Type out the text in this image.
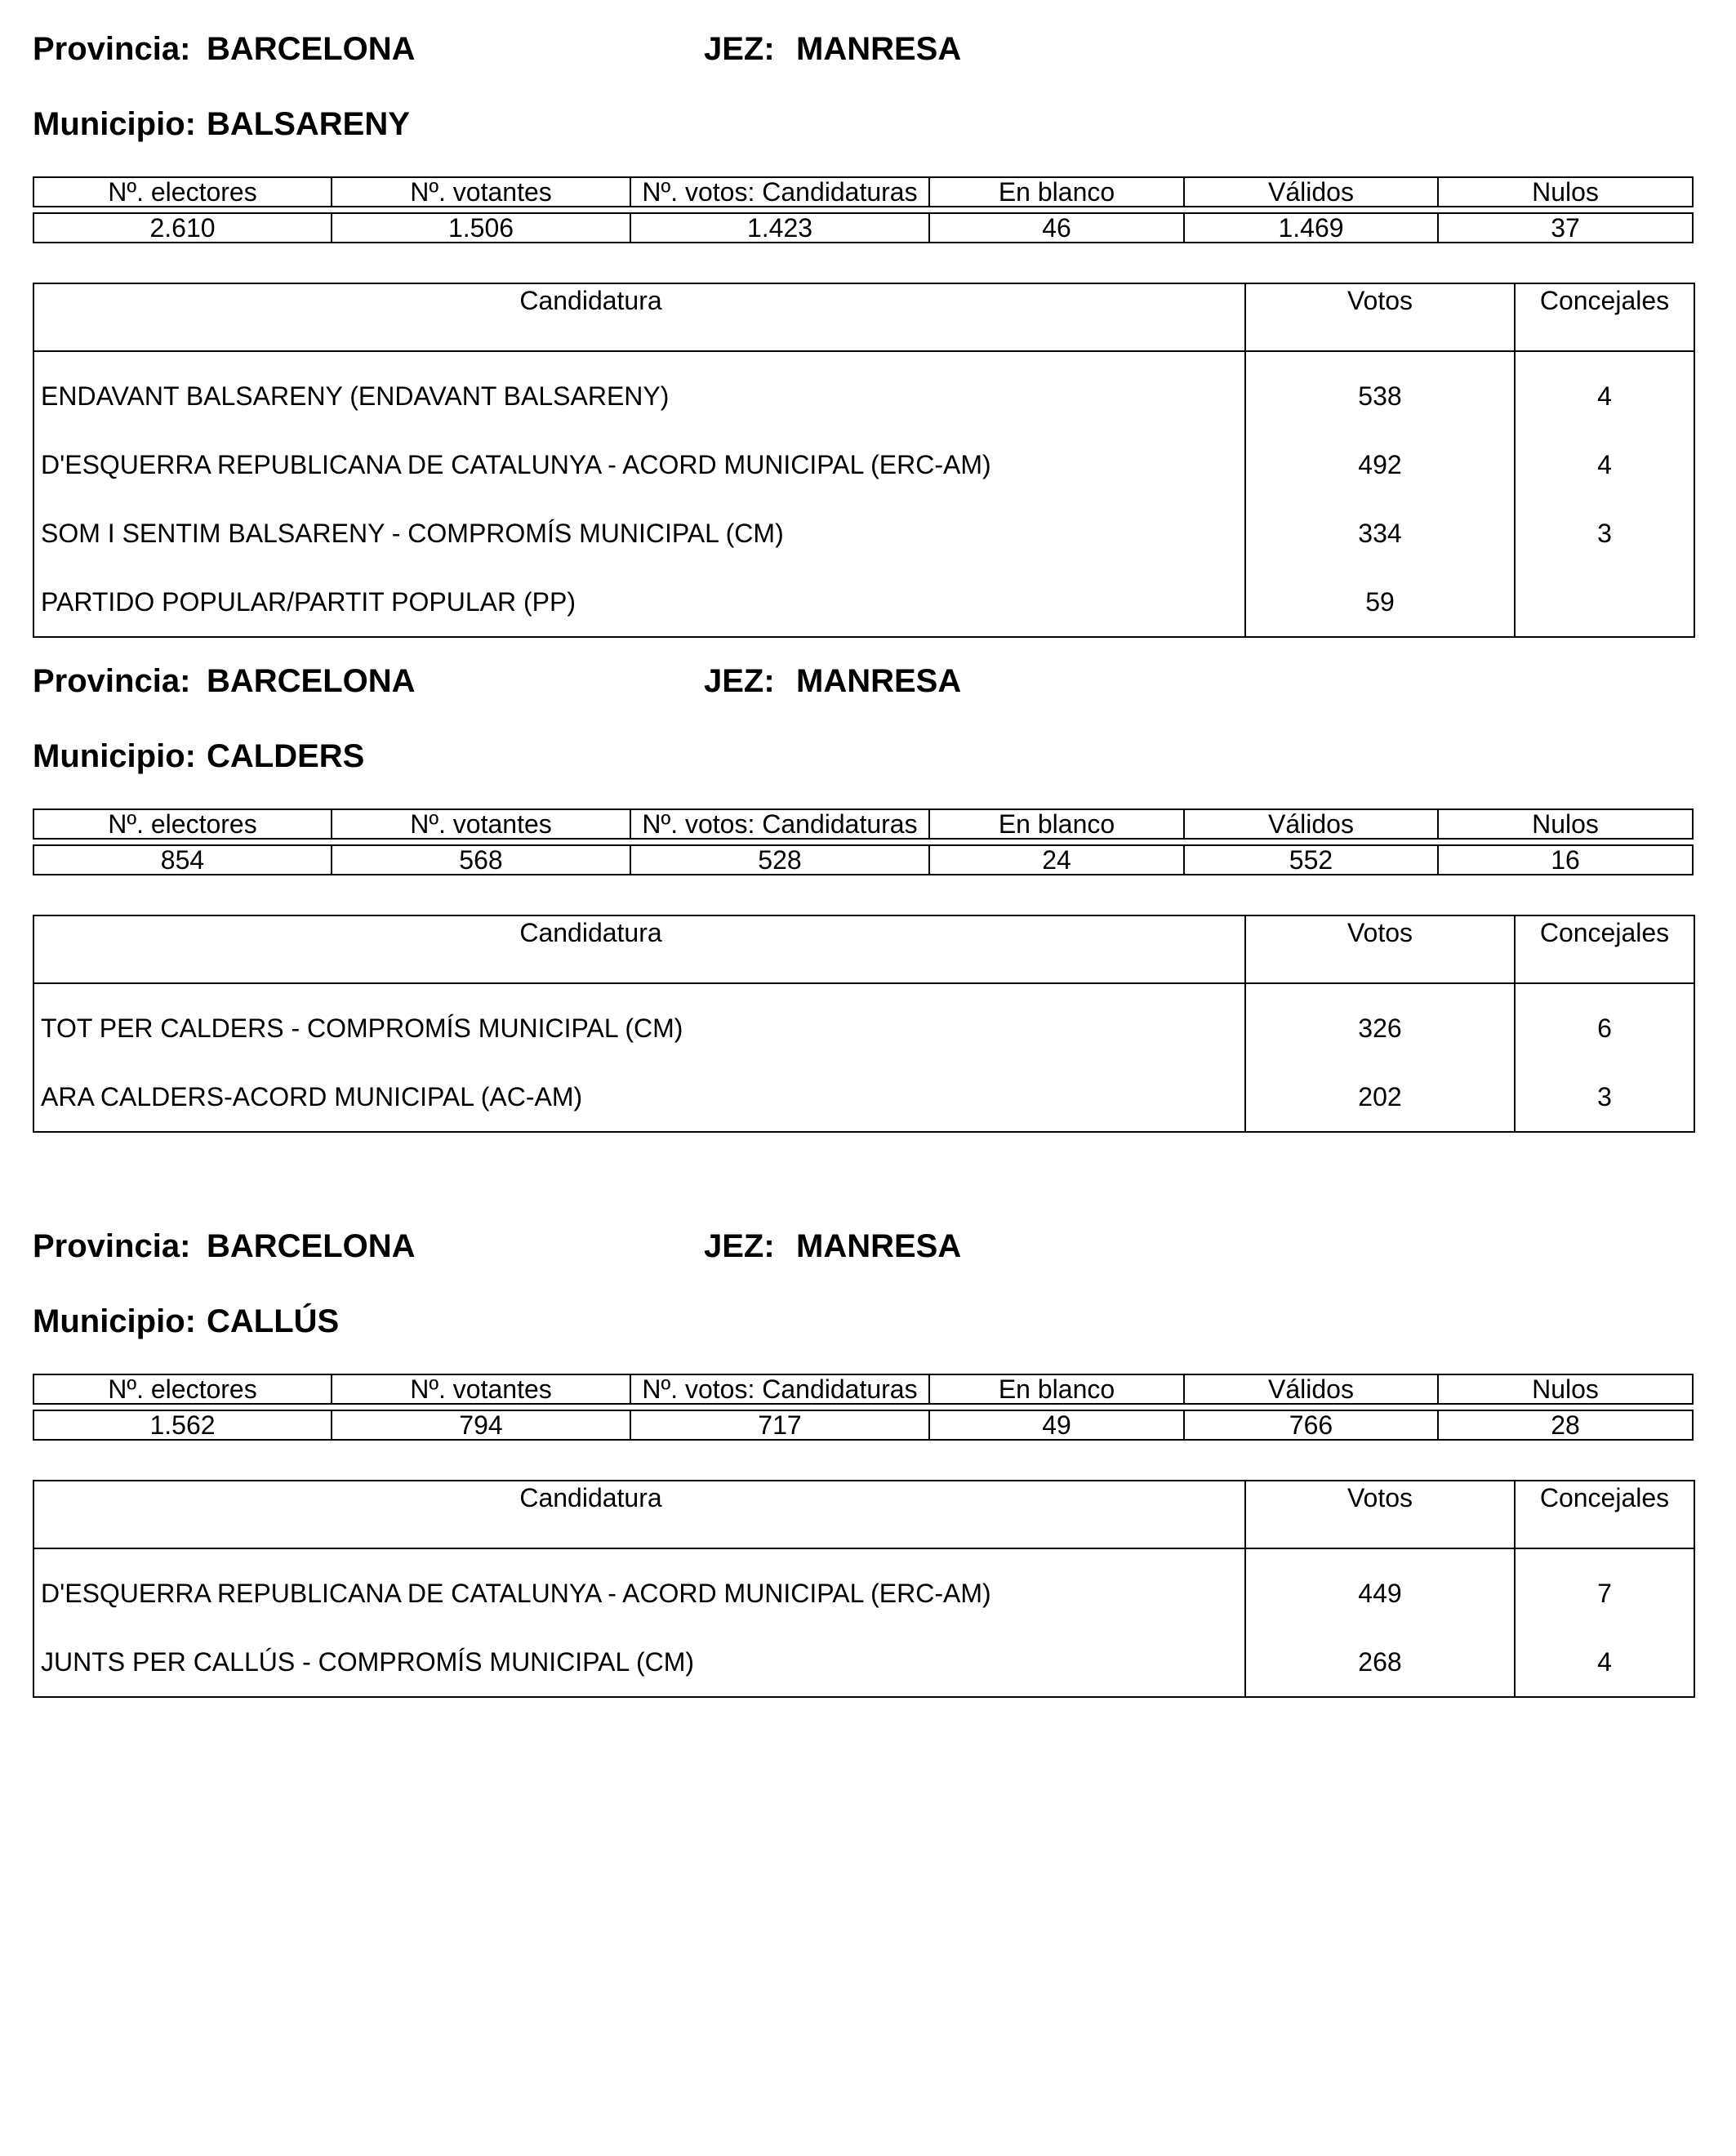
Provincia: BARCELONA	JEZ: MANRESA
Municipio: BALSARENY
Nº. electores	Nº. votantes	Nº. votos: Candidaturas	En blanco	Válidos	Nulos

2.610	1.506	1.423	46	1.469	37
Candidatura	Votos	Concejales
ENDAVANT BALSARENY (ENDAVANT BALSARENY)	538	4
D'ESQUERRA REPUBLICANA DE CATALUNYA - ACORD MUNICIPAL (ERC-AM)	492	4
SOM I SENTIM BALSARENY - COMPROMÍS MUNICIPAL (CM)	334	3
PARTIDO POPULAR/PARTIT POPULAR (PP)	59	
Provincia: BARCELONA	JEZ: MANRESA
Municipio: CALDERS
Nº. electores	Nº. votantes	Nº. votos: Candidaturas	En blanco	Válidos	Nulos

854	568	528	24	552	16
Candidatura	Votos	Concejales
TOT PER CALDERS - COMPROMÍS MUNICIPAL (CM)	326	6
ARA CALDERS-ACORD MUNICIPAL (AC-AM)	202	3
Provincia: BARCELONA	JEZ: MANRESA
Municipio: CALLÚS
Nº. electores	Nº. votantes	Nº. votos: Candidaturas	En blanco	Válidos	Nulos

1.562	794	717	49	766	28
Candidatura	Votos	Concejales
D'ESQUERRA REPUBLICANA DE CATALUNYA - ACORD MUNICIPAL (ERC-AM)	449	7
JUNTS PER CALLÚS - COMPROMÍS MUNICIPAL (CM)	268	4
